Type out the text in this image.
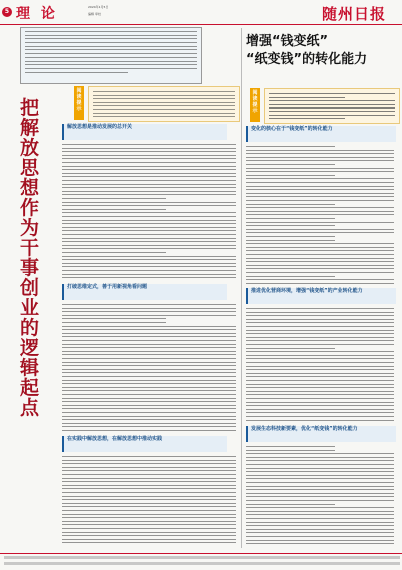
5 理 论	2024年1月5日
编辑 审校	随州日报
阅读提示
把解放思想作为干事创业的逻辑起点
解放思想是推动发展的总开关
打破思维定式，善于用新视角看问题
在实践中解放思想，在解放思想中推动实践
增强“钱变纸”
“纸变钱”的转化能力
阅读提示
变化的核心在于“钱变纸”的转化能力
推进优化营商环境，增强“钱变纸”的产业转化能力
发展生态科技新要素，优化“纸变钱”的转化能力
